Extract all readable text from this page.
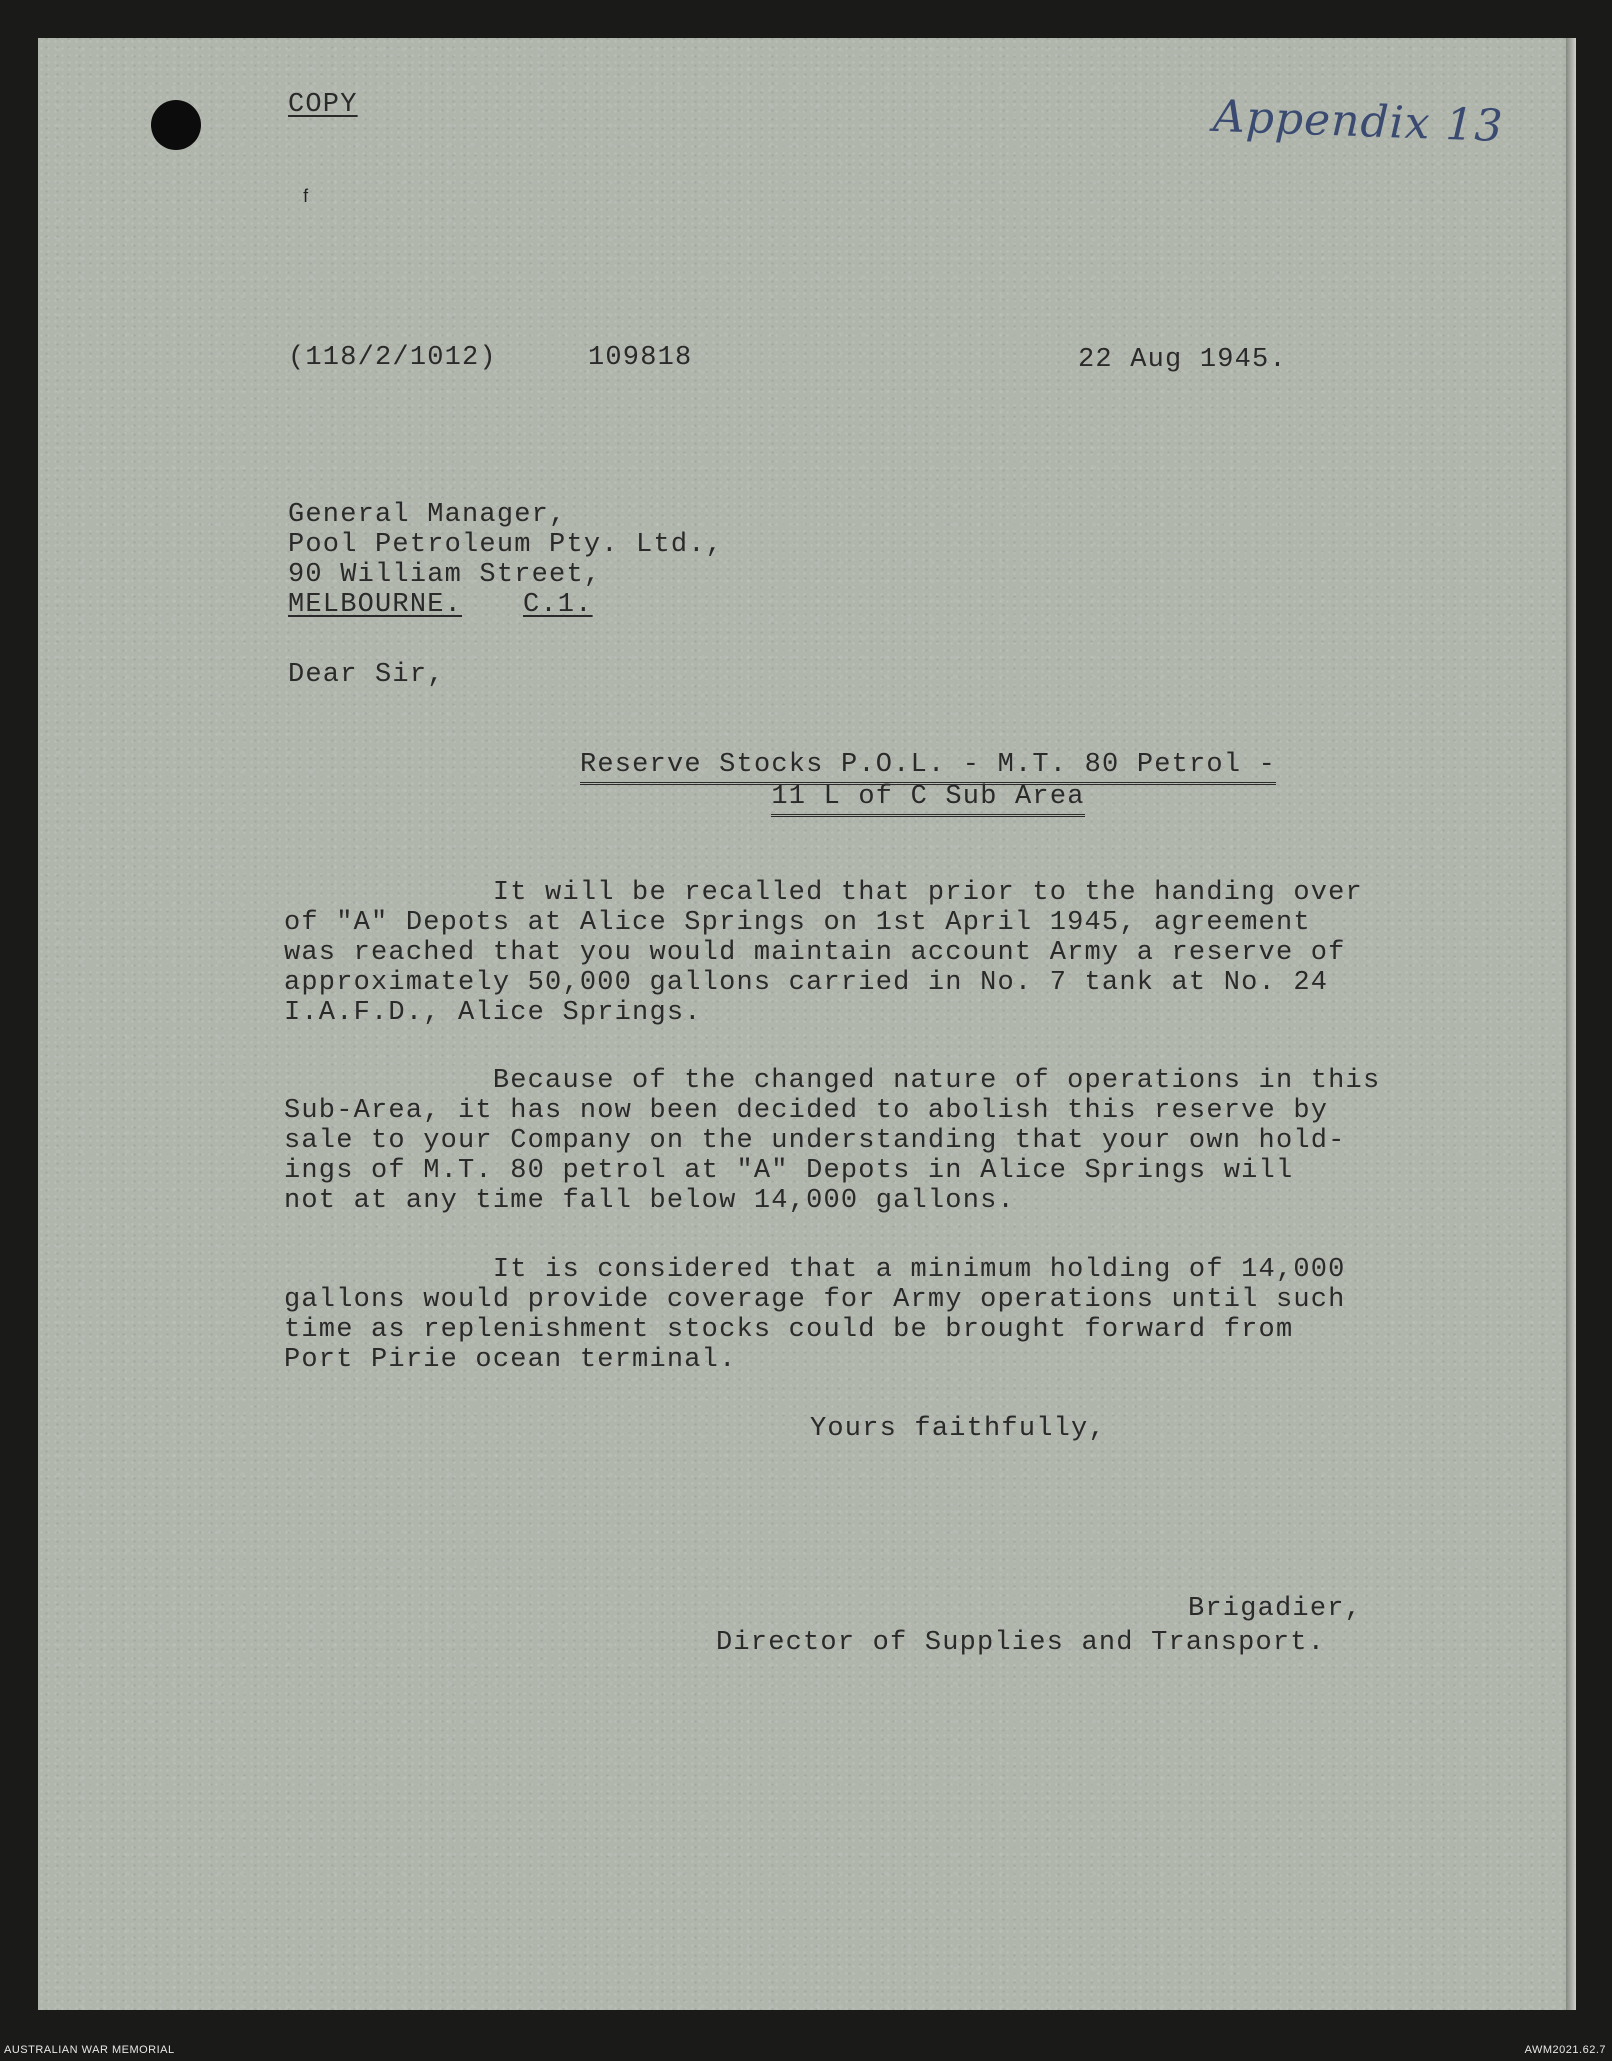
ᶠ
COPY	Appendix 13
(118/2/1012)	109818	22 Aug 1945.
General Manager,
Pool Petroleum Pty. Ltd.,
90 William Street,
MELBOURNE. C.1.
Dear Sir,
Reserve Stocks P.O.L. - M.T. 80 Petrol -
11 L of C Sub Area
It will be recalled that prior to the handing over
of "A" Depots at Alice Springs on 1st April 1945, agreement
was reached that you would maintain account Army a reserve of
approximately 50,000 gallons carried in No. 7 tank at No. 24
I.A.F.D., Alice Springs.
Because of the changed nature of operations in this
Sub-Area, it has now been decided to abolish this reserve by
sale to your Company on the understanding that your own hold-
ings of M.T. 80 petrol at "A" Depots in Alice Springs will
not at any time fall below 14,000 gallons.
It is considered that a minimum holding of 14,000
gallons would provide coverage for Army operations until such
time as replenishment stocks could be brought forward from
Port Pirie ocean terminal.
Yours faithfully,
Brigadier,
Director of Supplies and Transport.
AUSTRALIAN WAR MEMORIAL	AWM2021.62.7
